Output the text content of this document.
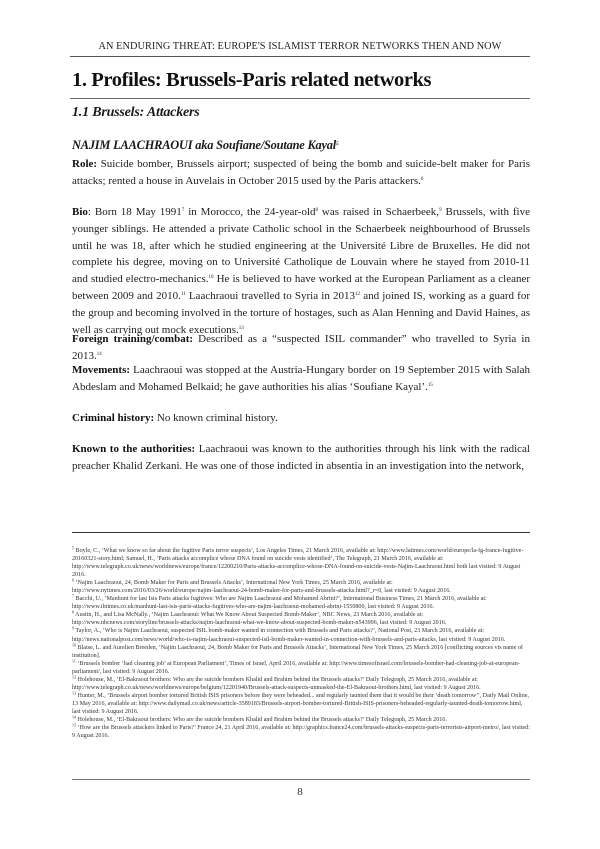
AN ENDURING THREAT: EUROPE'S ISLAMIST TERROR NETWORKS THEN AND NOW
1. Profiles: Brussels-Paris related networks
1.1 Brussels: Attackers
NAJIM LAACHRAOUI aka Soufiane/Soutane Kayal$^5$

Role: Suicide bomber, Brussels airport; suspected of being the bomb and suicide-belt maker for Paris attacks; rented a house in Auvelais in October 2015 used by the Paris attackers.$^6$

Bio: Born 18 May 1991$^7$ in Morocco, the 24-year-old$^8$ was raised in Schaerbeek,$^9$ Brussels, with five younger siblings. He attended a private Catholic school in the Schaerbeek neighbourhood of Brussels until he was 18, after which he studied engineering at the Université Libre de Bruxelles. He did not complete his degree, moving on to Université Catholique de Louvain where he stayed from 2010-11 and studied electro-mechanics.$^{10}$ He is believed to have worked at the European Parliament as a cleaner between 2009 and 2010.11 Laachraoui travelled to Syria in 2013$^{12}$ and joined IS, working as a guard for the group and becoming involved in the torture of hostages, such as Alan Henning and David Haines, as well as carrying out mock executions.$^{13}$

Foreign training/combat: Described as a “suspected ISIL commander” who travelled to Syria in 2013.14

Movements: Laachraoui was stopped at the Austria-Hungary border on 19 September 2015 with Salah Abdeslam and Mohamed Belkaid; he gave authorities his alias ‘Soufiane Kayal’.$^{15}$

Criminal history: No known criminal history.

Known to the authorities: Laachraoui was known to the authorities through his link with the radical preacher Khalid Zerkani. He was one of those indicted in absentia in an investigation into the network,

$^5$ Boyle, C., ‘What we know so far about the fugitive Paris terror suspects’, Los Angeles Times, 21 March 2016, available at: http://www.latimes.com/world/europe/la-fg-france-fugitive-20160321-story.html; Samuel, H., ‘Paris attacks accomplice whose DNA found on suicide vests identified’, The Telegraph, 21 March 2016, available at: http://www.telegraph.co.uk/news/worldnews/europe/france/12200210/Paris-attacks-accomplice-whose-DNA-found-on-suicide-vests-Najim-Laachraoui.html both last visited: 9 August 2016.

$^6$ ‘Najim Laachraoui, 24, Bomb Maker for Paris and Brussels Attacks’, International New York Times, 25 March 2016, available at: http://www.nytimes.com/2016/03/26/world/europe/najim-laachraoui-24-bomb-maker-for-paris-and-brussels-attacks.html?_r=0, last visited: 9 August 2016.

$^7$ Bacchi, U., ‘Manhunt for last Isis Paris attacks fugitives: Who are Najim Laachraoui and Mohamed Abrini?’, International Business Times, 21 March 2016, available at: http://www.ibtimes.co.uk/manhunt-last-isis-paris-attacks-fugitives-who-are-najim-laachraoui-mohamed-abrini-1550800, last visited: 9 August 2016.

$^8$ Austin, H., and Lisa McNally., ‘Najim Laachraoui: What We Know About Suspected Bomb-Maker’, NBC News, 23 March 2016, available at: http://www.nbcnews.com/storyline/brussels-attacks/najim-laachraoui-what-we-know-about-suspected-bomb-maker-n543996, last visited: 9 August 2016.

$^9$ Taylor, A., ‘Who is Najim Laachraoui, suspected ISIL bomb-maker wanted in connection with Brussels and Paris attacks?’, National Post, 23 March 2016, available at: http://news.nationalpost.com/news/world/who-is-najim-laachraoui-suspected-isil-bomb-maker-wanted-in-connection-with-brussels-and-paris-attacks, last visited: 9 August 2016.

$^{10}$ Blaise, L. and Aurelien Breeden, ‘Najim Laachraoui, 24, Bomb Maker for Paris and Brussels Attacks’, International New York Times, 25 March 2016 [conflicting sources vis name of institution].

$^{11}$ ‘Brussels bomber ‘had cleaning job’ at European Parliament’, Times of Israel, April 2016, available at: http://www.timesofisrael.com/brussels-bomber-had-cleaning-job-at-european-parliament/, last visited: 9 August 2016.

$^{12}$ Holehouse, M., ‘El-Bakraoui brothers: Who are the suicide bombers Khalid and Brahim behind the Brussels attacks?’ Daily Telegraph, 25 March 2016, available at: http://www.telegraph.co.uk/news/worldnews/europe/belgium/12201940/Brussels-attack-suspects-unmasked-the-El-Bakraoui-brothers.html, last visited: 9 August 2016.

$^{13}$ Hunter, M., ‘Brussels airport bomber tortured British ISIS prisoners before they were beheaded... and regularly taunted them that it would be their ‘death tomorrow’’, Daily Mail Online, 13 May 2016, available at: http://www.dailymail.co.uk/news/article-3589183/Brussels-airport-bomber-tortured-British-ISIS-prisoners-beheaded-regularly-taunted-death-tomorrow.html, last visited: 9 August 2016.

$^{14}$ Holehouse, M., ‘El-Bakraoui brothers: Who are the suicide bombers Khalid and Brahim behind the Brussels attacks?’ Daily Telegraph, 25 March 2016.

$^{15}$ ‘How are the Brussels attackers linked to Paris?’ France 24, 21 April 2016, available at: http://graphics.france24.com/brussels-attacks-suspects-paris-terrorists-airport-metro/, last visited: 9 August 2016.

8
